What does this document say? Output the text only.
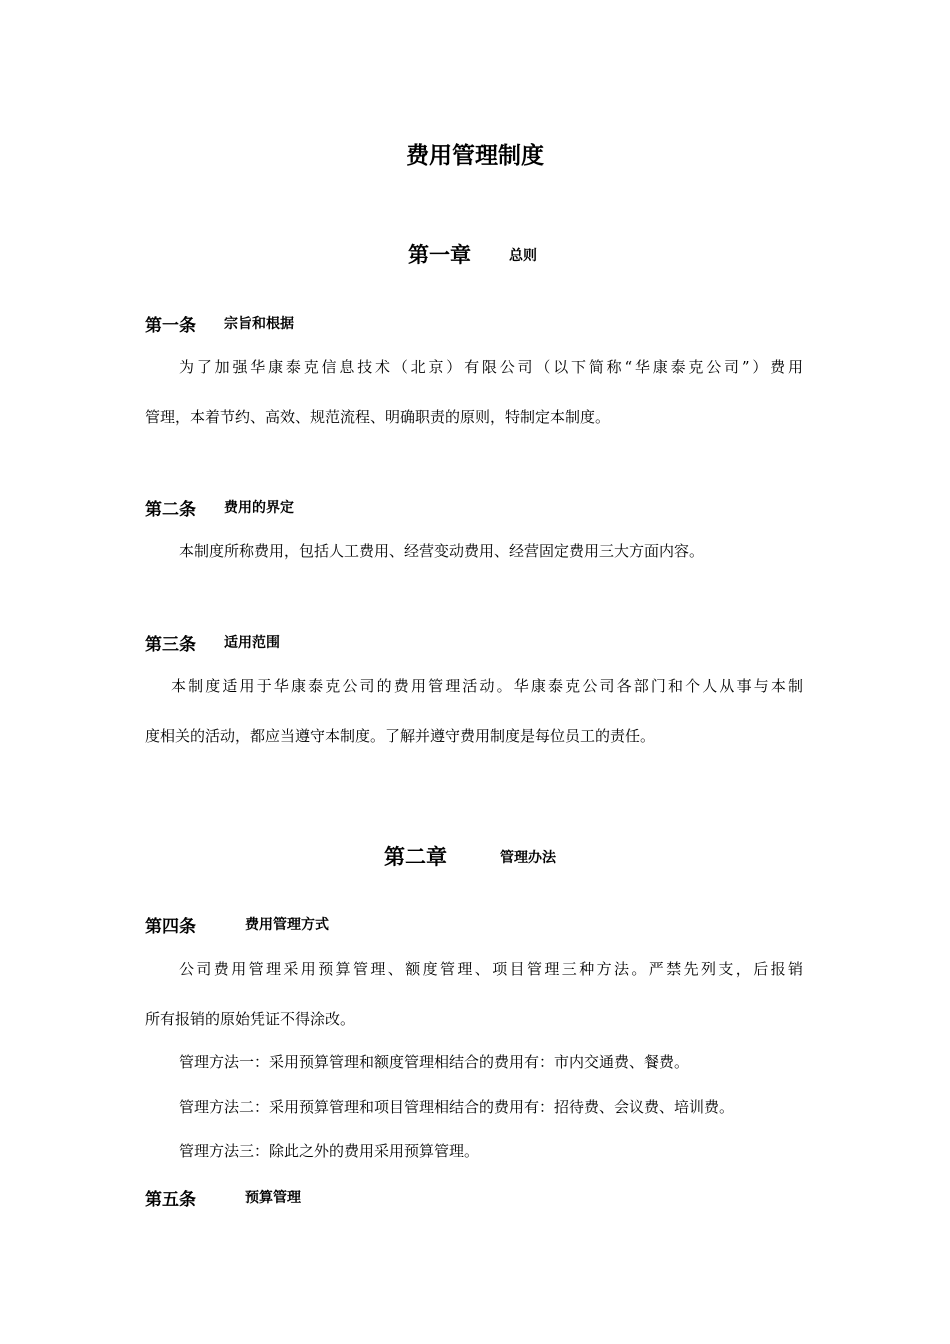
费用管理制度
第一章	总则
第一条 宗旨和根据
为了加强华康泰克信息技术（北京）有限公司（以下简称“华康泰克公司”）费用
管理，本着节约、高效、规范流程、明确职责的原则，特制定本制度。
第二条 费用的界定
本制度所称费用，包括人工费用、经营变动费用、经营固定费用三大方面内容。
第三条 适用范围
本制度适用于华康泰克公司的费用管理活动。华康泰克公司各部门和个人从事与本制
度相关的活动，都应当遵守本制度。了解并遵守费用制度是每位员工的责任。
第二章	管理办法
第四条	费用管理方式
公司费用管理采用预算管理、额度管理、项目管理三种方法。严禁先列支，后报销
所有报销的原始凭证不得涂改。
管理方法一：采用预算管理和额度管理相结合的费用有：市内交通费、餐费。
管理方法二：采用预算管理和项目管理相结合的费用有：招待费、会议费、培训费。
管理方法三：除此之外的费用采用预算管理。
第五条	预算管理
